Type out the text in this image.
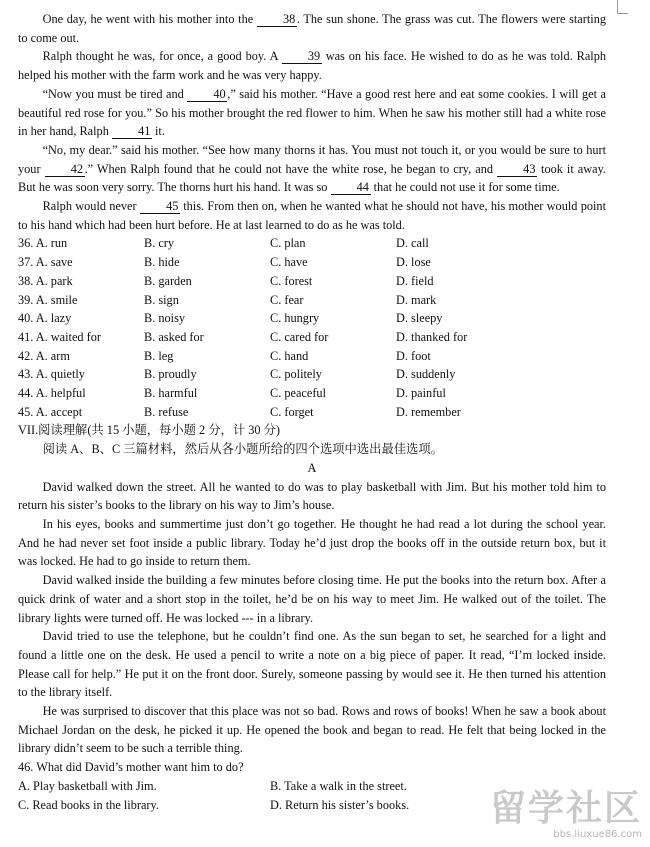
One day, he went with his mother into the 38 . The sun shone. The grass was cut. The flowers were starting to come out.

Ralph thought he was, for once, a good boy. A 39 was on his face. He wished to do as he was told. Ralph helped his mother with the farm work and he was very happy.

“Now you must be tired and 40 ,” said his mother. “Have a good rest here and eat some cookies. I will get a beautiful red rose for you.” So his mother brought the red flower to him. When he saw his mother still had a white rose in her hand, Ralph 41 it.

“No, my dear.” said his mother. “See how many thorns it has. You must not touch it, or you would be sure to hurt your 42 .” When Ralph found that he could not have the white rose, he began to cry, and 43 took it away. But he was soon very sorry. The thorns hurt his hand. It was so 44 that he could not use it for some time.

Ralph would never 45 this. From then on, when he wanted what he should not have, his mother would point to his hand which had been hurt before. He at last learned to do as he was told.

36. A. run	B. cry	C. plan	D. call
37. A. save	B. hide	C. have	D. lose
38. A. park	B. garden	C. forest	D. field
39. A. smile	B. sign	C. fear	D. mark
40. A. lazy	B. noisy	C. hungry	D. sleepy
41. A. waited for	B. asked for	C. cared for	D. thanked for
42. A. arm	B. leg	C. hand	D. foot
43. A. quietly	B. proudly	C. politely	D. suddenly
44. A. helpful	B. harmful	C. peaceful	D. painful
45. A. accept	B. refuse	C. forget	D. remember

VII.阅读理解(共 15 小题，每小题 2 分，计 30 分)

阅读 A、B、C 三篇材料，然后从各小题所给的四个选项中选出最佳选项。

A

David walked down the street. All he wanted to do was to play basketball with Jim. But his mother told him to return his sister’s books to the library on his way to Jim’s house.

In his eyes, books and summertime just don’t go together. He thought he had read a lot during the school year. And he had never set foot inside a public library. Today he’d just drop the books off in the outside return box, but it was locked. He had to go inside to return them.

David walked inside the building a few minutes before closing time. He put the books into the return box. After a quick drink of water and a short stop in the toilet, he’d be on his way to meet Jim. He walked out of the toilet. The library lights were turned off. He was locked --- in a library.

David tried to use the telephone, but he couldn’t find one. As the sun began to set, he searched for a light and found a little one on the desk. He used a pencil to write a note on a big piece of paper. It read, “I’m locked inside. Please call for help.” He put it on the front door. Surely, someone passing by would see it. He then turned his attention to the library itself.

He was surprised to discover that this place was not so bad. Rows and rows of books! When he saw a book about Michael Jordan on the desk, he picked it up. He opened the book and began to read. He felt that being locked in the library didn’t seem to be such a terrible thing.

46. What did David’s mother want him to do?

A. Play basketball with Jim.	B. Take a walk in the street.
C. Read books in the library.	D. Return his sister’s books.	留学社区
bbs.liuxue86.com
